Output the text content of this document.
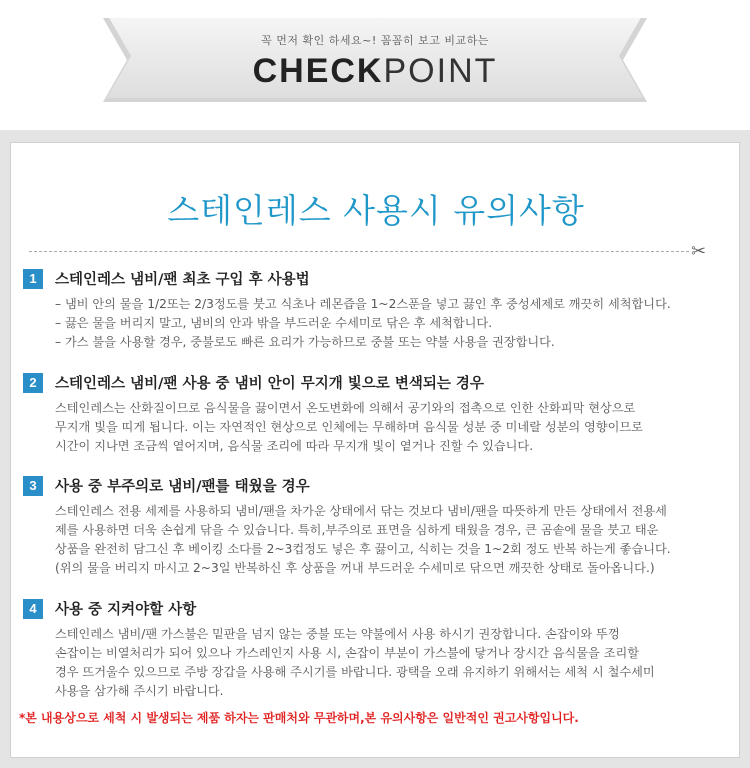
꼭 먼저 확인 하세요~! 꼼꼼히 보고 비교하는
CHECKPOINT
스테인레스 사용시 유의사항
✂
1	스테인레스 냄비/팬 최초 구입 후 사용법
– 냄비 안의 물을 1/2또는 2/3정도를 붓고 식초나 레몬즙을 1~2스푼을 넣고 끓인 후 중성세제로 깨끗히 세척합니다.
– 끓은 물을 버리지 말고, 냄비의 안과 밖을 부드러운 수세미로 닦은 후 세척합니다.
– 가스 불을 사용할 경우, 중불로도 빠른 요리가 가능하므로 중불 또는 약불 사용을 권장합니다.
2	스테인레스 냄비/팬 사용 중 냄비 안이 무지개 빛으로 변색되는 경우
스테인레스는 산화질이므로 음식물을 끓이면서 온도변화에 의해서 공기와의 접촉으로 인한 산화피막 현상으로
무지개 빛을 띠게 됩니다. 이는 자연적인 현상으로 인체에는 무해하며 음식물 성분 중 미네랄 성분의 영향이므로
시간이 지나면 조금씩 옅어지며, 음식물 조리에 따라 무지개 빛이 옅거나 진할 수 있습니다.
3	사용 중 부주의로 냄비/팬를 태웠을 경우
스테인레스 전용 세제를 사용하되 냄비/팬을 차가운 상태에서 닦는 것보다 냄비/팬을 따뜻하게 만든 상태에서 전용세
제를 사용하면 더욱 손쉽게 닦을 수 있습니다. 특히,부주의로 표면을 심하게 태웠을 경우, 큰 곰솥에 물을 붓고 태운
상품을 완전히 담그신 후 베이킹 소다를 2~3컵정도 넣은 후 끓이고, 식히는 것을 1~2회 정도 반복 하는게 좋습니다.
(위의 물을 버리지 마시고 2~3일 반복하신 후 상품을 꺼내 부드러운 수세미로 닦으면 깨끗한 상태로 돌아옵니다.)
4	사용 중 지켜야할 사항
스테인레스 냄비/팬 가스불은 밑판을 넘지 않는 중불 또는 약불에서 사용 하시기 권장합니다. 손잡이와 뚜껑
손잡이는 비열처리가 되어 있으나 가스레인지 사용 시, 손잡이 부분이 가스불에 닿거나 장시간 음식물을 조리할
경우 뜨거울수 있으므로 주방 장갑을 사용해 주시기를 바랍니다. 광택을 오래 유지하기 위해서는 세척 시 철수세미
사용을 삼가해 주시기 바랍니다.
*본 내용상으로 세척 시 발생되는 제품 하자는 판매처와 무관하며,본 유의사항은 일반적인 권고사항입니다.
